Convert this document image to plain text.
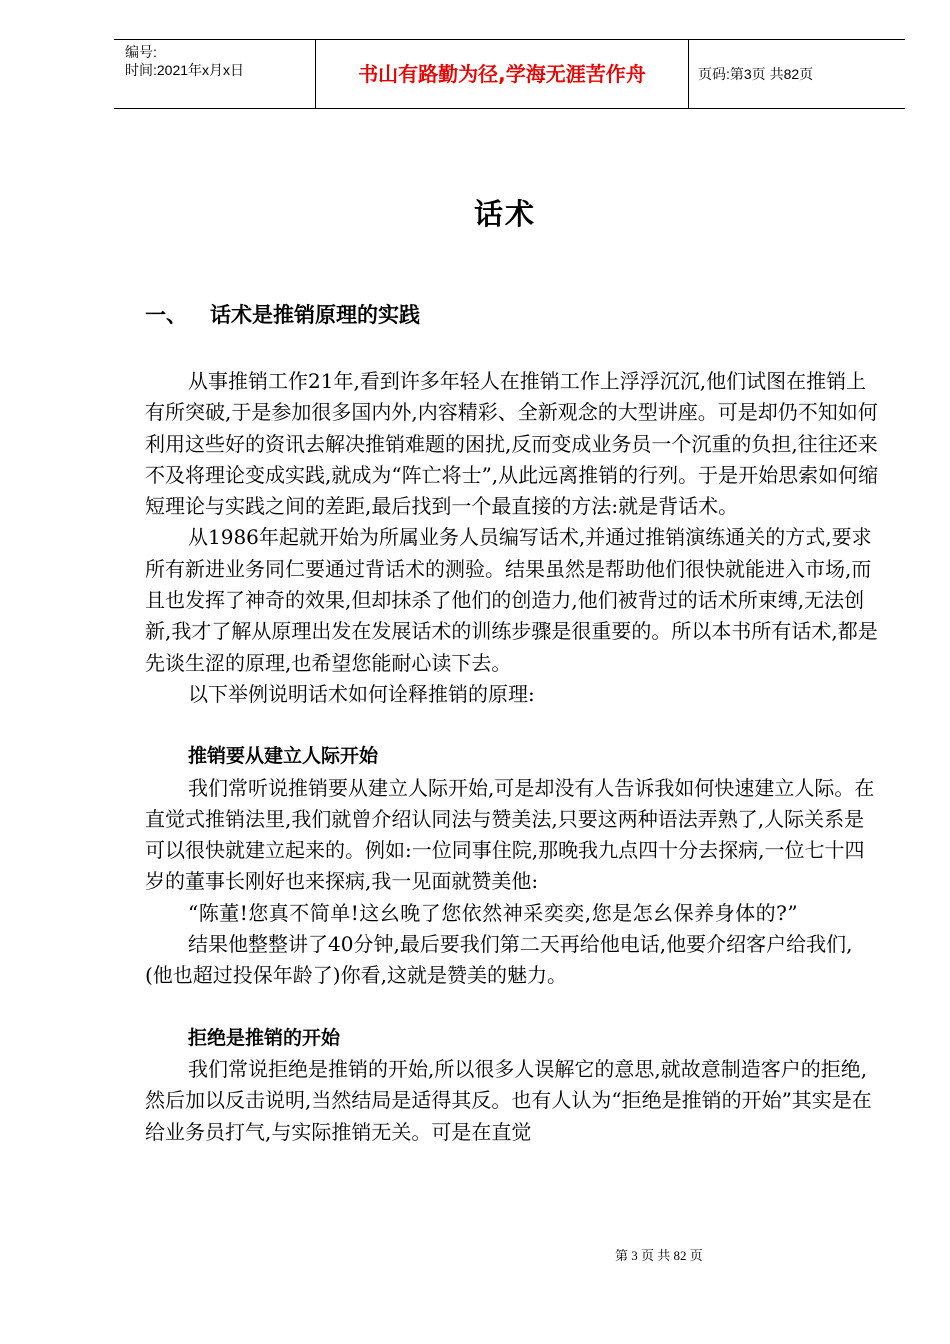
编号:
时间:2021年x月x日	书山有路勤为径,学海无涯苦作舟	页码:第3页 共82页
话术
一、 话术是推销原理的实践

从事推销工作21年,看到许多年轻人在推销工作上浮浮沉沉,他们试图在推销上有所突破,于是参加很多国内外,内容精彩、全新观念的大型讲座。可是却仍不知如何利用这些好的资讯去解决推销难题的困扰,反而变成业务员一个沉重的负担,往往还来不及将理论变成实践,就成为“阵亡将士”,从此远离推销的行列。于是开始思索如何缩短理论与实践之间的差距,最后找到一个最直接的方法:就是背话术。

从1986年起就开始为所属业务人员编写话术,并通过推销演练通关的方式,要求所有新进业务同仁要通过背话术的测验。结果虽然是帮助他们很快就能进入市场,而且也发挥了神奇的效果,但却抹杀了他们的创造力,他们被背过的话术所束缚,无法创新,我才了解从原理出发在发展话术的训练步骤是很重要的。所以本书所有话术,都是先谈生涩的原理,也希望您能耐心读下去。

以下举例说明话术如何诠释推销的原理:

推销要从建立人际开始

我们常听说推销要从建立人际开始,可是却没有人告诉我如何快速建立人际。在直觉式推销法里,我们就曾介绍认同法与赞美法,只要这两种语法弄熟了,人际关系是可以很快就建立起来的。例如:一位同事住院,那晚我九点四十分去探病,一位七十四岁的董事长刚好也来探病,我一见面就赞美他:

“陈董!您真不简单!这幺晚了您依然神采奕奕,您是怎幺保养身体的?”

结果他整整讲了40分钟,最后要我们第二天再给他电话,他要介绍客户给我们,(他也超过投保年龄了)你看,这就是赞美的魅力。

拒绝是推销的开始

我们常说拒绝是推销的开始,所以很多人误解它的意思,就故意制造客户的拒绝,然后加以反击说明,当然结局是适得其反。也有人认为“拒绝是推销的开始”其实是在给业务员打气,与实际推销无关。可是在直觉

第 3 页 共 82 页
